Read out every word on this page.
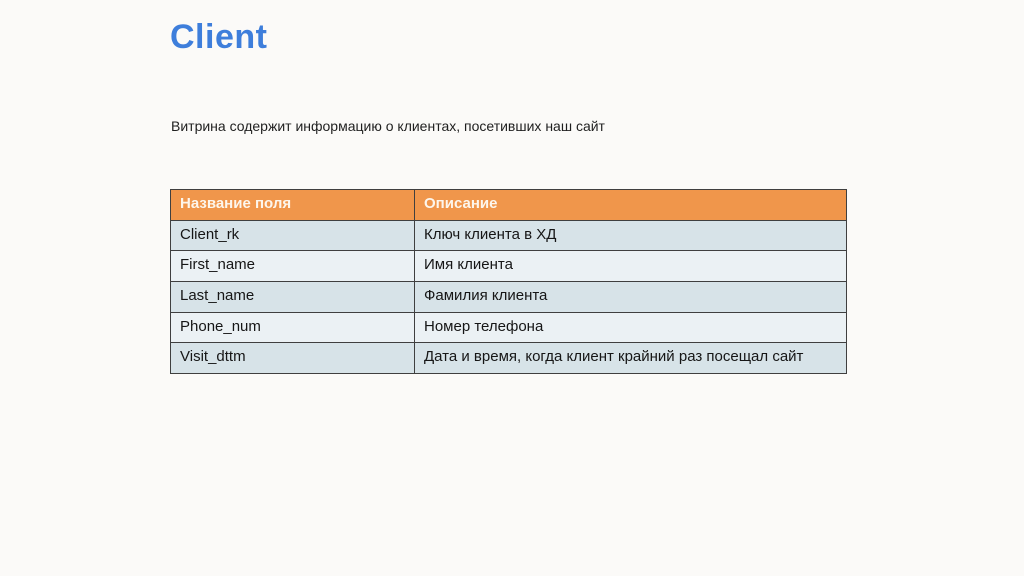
Client

Витрина содержит информацию о клиентах, посетивших наш сайт

Название поля	Описание
Client_rk	Ключ клиента в ХД
First_name	Имя клиента
Last_name	Фамилия клиента
Phone_num	Номер телефона
Visit_dttm	Дата и время, когда клиент крайний раз посещал сайт
